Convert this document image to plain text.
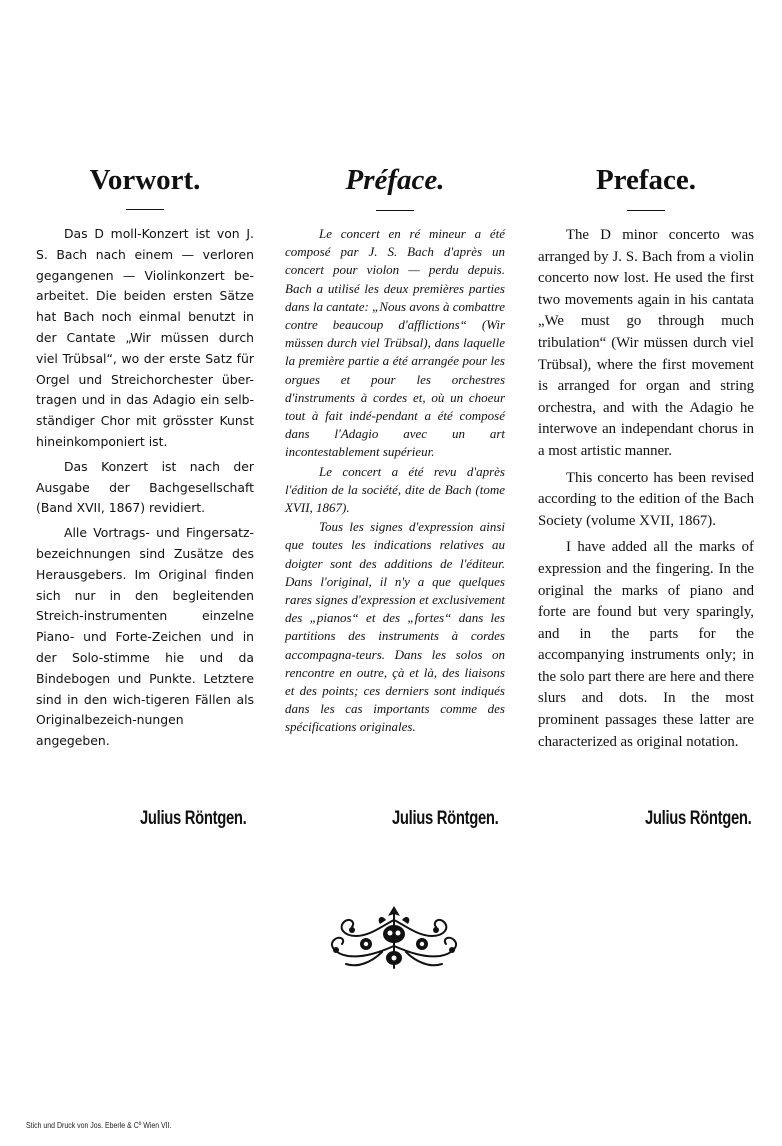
Vorwort.

Das D moll-Konzert ist von J. S. Bach nach einem — verloren gegangenen — Violinkonzert be-arbeitet. Die beiden ersten Sätze hat Bach noch einmal benutzt in der Cantate „Wir müssen durch viel Trübsal“, wo der erste Satz für Orgel und Streichorchester über-tragen und in das Adagio ein selb-ständiger Chor mit grösster Kunst hineinkomponiert ist.

Das Konzert ist nach der Ausgabe der Bachgesellschaft (Band XVII, 1867) revidiert.

Alle Vortrags- und Fingersatz-bezeichnungen sind Zusätze des Herausgebers. Im Original finden sich nur in den begleitenden Streich-instrumenten einzelne Piano- und Forte-Zeichen und in der Solo-stimme hie und da Bindebogen und Punkte. Letztere sind in den wich-tigeren Fällen als Originalbezeich-nungen angegeben.

Préface.

Le concert en ré mineur a été composé par J. S. Bach d'après un concert pour violon — perdu depuis. Bach a utilisé les deux premières parties dans la cantate: „Nous avons à combattre contre beaucoup d'afflictions“ (Wir müssen durch viel Trübsal), dans laquelle la première partie a été arrangée pour les orgues et pour les orchestres d'instruments à cordes et, où un choeur tout à fait indé-pendant a été composé dans l'Adagio avec un art incontestablement supérieur.

Le concert a été revu d'après l'édition de la société, dite de Bach (tome XVII, 1867).

Tous les signes d'expression ainsi que toutes les indications relatives au doigter sont des additions de l'éditeur. Dans l'original, il n'y a que quelques rares signes d'expression et exclusivement des „pianos“ et des „fortes“ dans les partitions des instruments à cordes accompagna-teurs. Dans les solos on rencontre en outre, çà et là, des liaisons et des points; ces derniers sont indiqués dans les cas importants comme des spécifications originales.

Preface.

The D minor concerto was arranged by J. S. Bach from a violin concerto now lost. He used the first two movements again in his cantata „We must go through much tribulation“ (Wir müssen durch viel Trübsal), where the first movement is arranged for organ and string orchestra, and with the Adagio he interwove an independant chorus in a most artistic manner.

This concerto has been revised according to the edition of the Bach Society (volume XVII, 1867).

I have added all the marks of expression and the fingering. In the original the marks of piano and forte are found but very sparingly, and in the parts for the accompanying instruments only; in the solo part there are here and there slurs and dots. In the most prominent passages these latter are characterized as original notation.

Julius Röntgen.	Julius Röntgen.	Julius Röntgen.
Stich und Druck von Jos. Eberle & Cº Wien VII.
